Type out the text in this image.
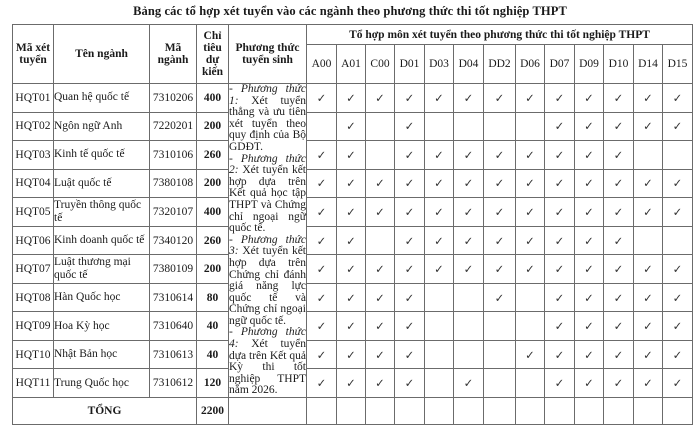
Bảng các tổ hợp xét tuyển vào các ngành theo phương thức thi tốt nghiệp THPT
Mã xét tuyển	Tên ngành	Mã ngành	Chỉ tiêu dự kiến	Phương thức tuyển sinh	Tổ hợp môn xét tuyển theo phương thức thi tốt nghiệp THPT												
					A00	A01	C00	D01	D03	D04	DD2	D06	D07	D09	D10	D14	D15
HQT01	Quan hệ quốc tế	7310206	400	- Phương thức 1: Xét tuyển thẳng và ưu tiên xét tuyển theo quy định của Bộ GDĐT.
- Phương thức 2: Xét tuyển kết hợp dựa trên Kết quả học tập THPT và Chứng chỉ ngoại ngữ quốc tế.
- Phương thức 3: Xét tuyển kết hợp dựa trên Chứng chỉ đánh giá năng lực quốc tế và Chứng chỉ ngoại ngữ quốc tế.
- Phương thức 4: Xét tuyển dựa trên Kết quả Kỳ thi tốt nghiệp THPT năm 2026.	✓	✓	✓	✓	✓	✓	✓	✓	✓	✓	✓	✓	✓
HQT02	Ngôn ngữ Anh	7220201	200			✓		✓					✓	✓	✓	✓	✓
HQT03	Kinh tế quốc tế	7310106	260		✓	✓		✓	✓	✓	✓	✓	✓	✓	✓		
HQT04	Luật quốc tế	7380108	200		✓	✓	✓	✓	✓	✓	✓	✓	✓	✓	✓	✓	✓
HQT05	Truyền thông quốc tế	7320107	400		✓	✓	✓	✓	✓	✓	✓	✓	✓	✓	✓	✓	✓
HQT06	Kinh doanh quốc tế	7340120	260		✓	✓		✓	✓	✓	✓	✓	✓	✓	✓		
HQT07	Luật thương mại quốc tế	7380109	200		✓	✓	✓	✓	✓	✓	✓	✓	✓	✓	✓	✓	✓
HQT08	Hàn Quốc học	7310614	80		✓	✓	✓	✓			✓		✓	✓	✓	✓	✓
HQT09	Hoa Kỳ học	7310640	40		✓	✓	✓	✓					✓	✓	✓	✓	✓
HQT10	Nhật Bản học	7310613	40		✓	✓	✓	✓				✓	✓	✓	✓	✓	✓
HQT11	Trung Quốc học	7310612	120		✓	✓	✓	✓		✓			✓	✓	✓	✓	✓
TỔNG			2200														
